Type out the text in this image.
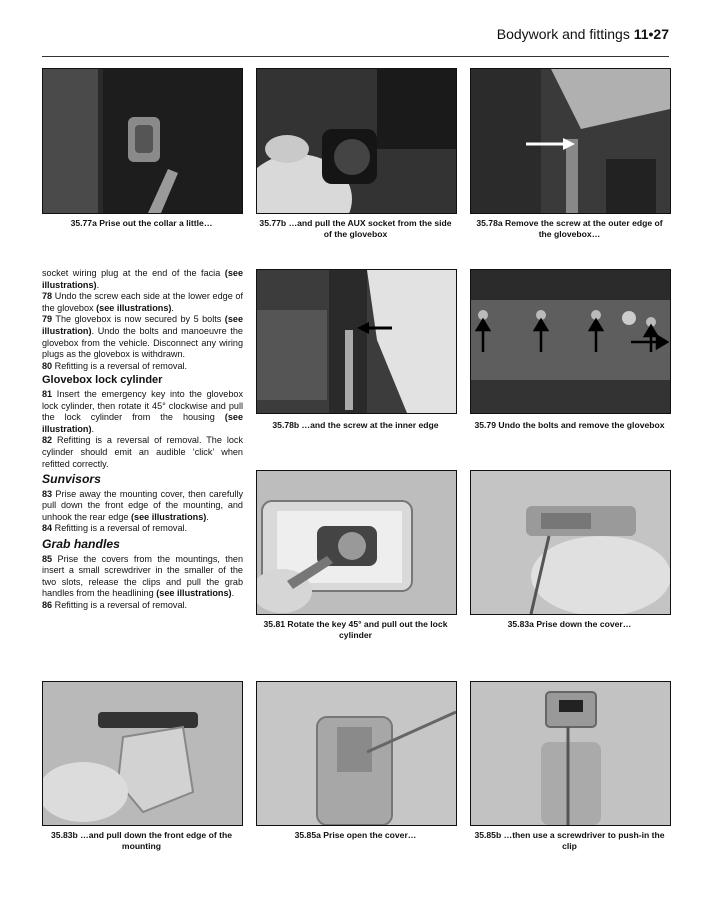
Bodywork and fittings 11•27
35.77a Prise out the collar a little…	35.77b …and pull the AUX socket from the side of the glovebox
35.78a Remove the screw at the outer edge of the glovebox…

socket wiring plug at the end of the facia (see illustrations).

78 Undo the screw each side at the lower edge of the glovebox (see illustrations).

79 The glovebox is now secured by 5 bolts (see illustration). Undo the bolts and manoeuvre the glovebox from the vehicle. Disconnect any wiring plugs as the glovebox is withdrawn.

80 Refitting is a reversal of removal.

Glovebox lock cylinder

81 Insert the emergency key into the glovebox lock cylinder, then rotate it 45° clockwise and pull the lock cylinder from the housing (see illustration).

82 Refitting is a reversal of removal. The lock cylinder should emit an audible ‘click’ when refitted correctly.

Sunvisors

83 Prise away the mounting cover, then carefully pull down the front edge of the mounting, and unhook the rear edge (see illustrations).

84 Refitting is a reversal of removal.

Grab handles

85 Prise the covers from the mountings, then insert a small screwdriver in the smaller of the two slots, release the clips and pull the grab handles from the headlining (see illustrations).

86 Refitting is a reversal of removal.

35.78b …and the screw at the inner edge	35.79 Undo the bolts and remove the glovebox
35.81 Rotate the key 45° and pull out the lock cylinder
35.83a Prise down the cover…
35.83b …and pull down the front edge of the mounting
35.85a Prise open the cover…	35.85b …then use a screwdriver to push-in the clip
